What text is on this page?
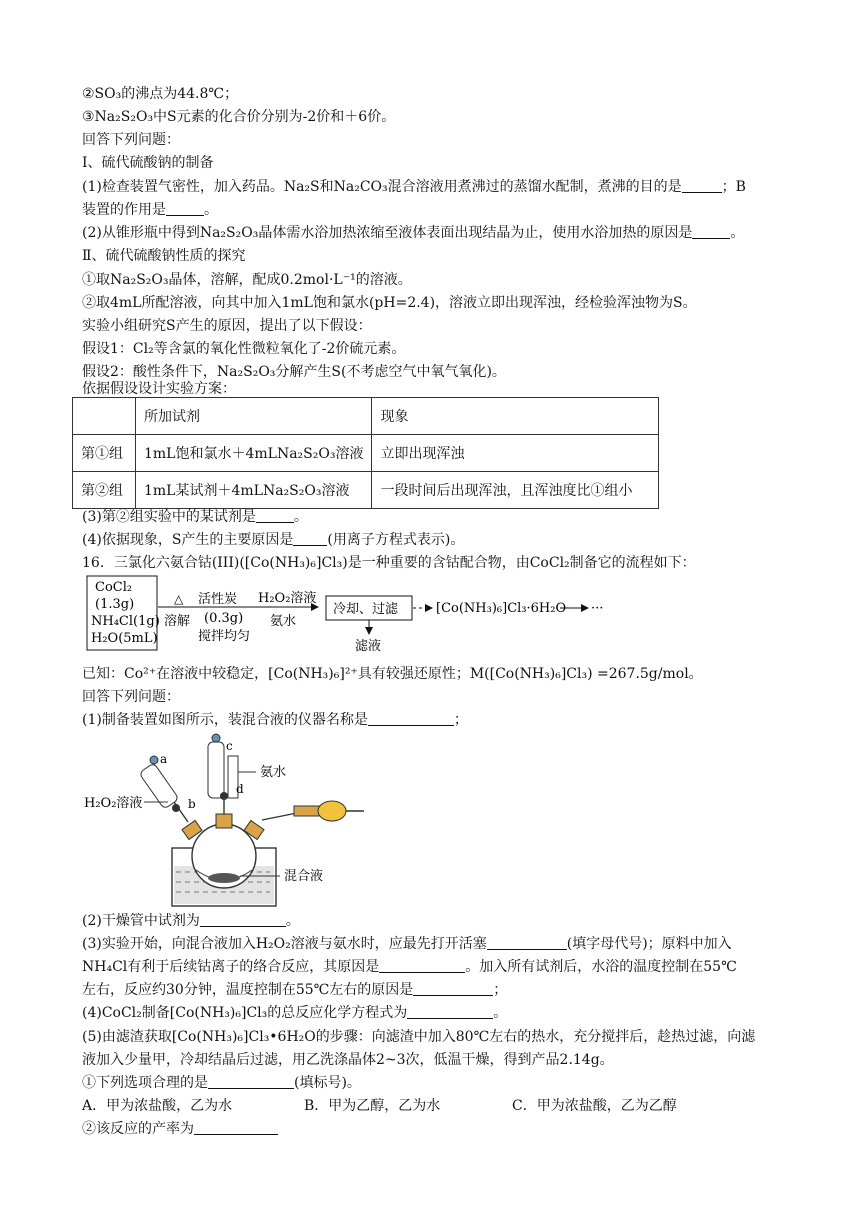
②SO₃的沸点为44.8℃；
③Na₂S₂O₃中S元素的化合价分别为-2价和＋6价。
回答下列问题：
Ⅰ、硫代硫酸钠的制备
(1)检查装置气密性，加入药品。Na₂S和Na₂CO₃混合溶液用煮沸过的蒸馏水配制，煮沸的目的是	；B
装置的作用是	。
(2)从锥形瓶中得到Na₂S₂O₃晶体需水浴加热浓缩至液体表面出现结晶为止，使用水浴加热的原因是	。
Ⅱ、硫代硫酸钠性质的探究
①取Na₂S₂O₃晶体，溶解，配成0.2mol·L⁻¹的溶液。
②取4mL所配溶液，向其中加入1mL饱和氯水(pH=2.4)，溶液立即出现浑浊，经检验浑浊物为S。
实验小组研究S产生的原因，提出了以下假设：
假设1：Cl₂等含氯的氧化性微粒氧化了-2价硫元素。
假设2：酸性条件下，Na₂S₂O₃分解产生S(不考虑空气中氧气氧化)。
依据假设设计实验方案：
	所加试剂	现象
第①组	1mL饱和氯水＋4mLNa₂S₂O₃溶液	立即出现浑浊
第②组	1mL某试剂＋4mLNa₂S₂O₃溶液	一段时间后出现浑浊，且浑浊度比①组小
(3)第②组实验中的某试剂是	。
(4)依据现象，S产生的主要原因是 (用离子方程式表示)。
16．三氯化六氨合钴(III)([Co(NH₃)₆]Cl₃)是一种重要的含钴配合物，由CoCl₂制备它的流程如下：
CoCl₂
(1.3g)
NH₄Cl(1g)
H₂O(5mL)
△
溶解
活性炭
(0.3g)
搅拌均匀
H₂O₂溶液
氨水
冷却、过滤
滤液
[Co(NH₃)₆]Cl₃·6H₂O ···
已知：Co²⁺在溶液中较稳定，[Co(NH₃)₆]²⁺具有较强还原性；M([Co(NH₃)₆]Cl₃) =267.5g/mol。
回答下列问题：
(1)制备装置如图所示，装混合液的仪器名称是	；
a
b
c
d
氨水
H₂O₂溶液
混合液
(2)干燥管中试剂为	。
(3)实验开始，向混合液加入H₂O₂溶液与氨水时，应最先打开活塞	(填字母代号)；原料中加入
NH₄Cl有利于后续钴离子的络合反应，其原因是	。加入所有试剂后，水浴的温度控制在55℃
左右，反应约30分钟，温度控制在55℃左右的原因是	；
(4)CoCl₂制备[Co(NH₃)₆]Cl₃的总反应化学方程式为	。
(5)由滤渣获取[Co(NH₃)₆]Cl₃•6H₂O的步骤：向滤渣中加入80℃左右的热水，充分搅拌后，趁热过滤，向滤
液加入少量甲，冷却结晶后过滤，用乙洗涤晶体2~3次，低温干燥，得到产品2.14g。
①下列选项合理的是	(填标号)。
A．甲为浓盐酸，乙为水	B．甲为乙醇，乙为水	C．甲为浓盐酸，乙为乙醇
②该反应的产率为
